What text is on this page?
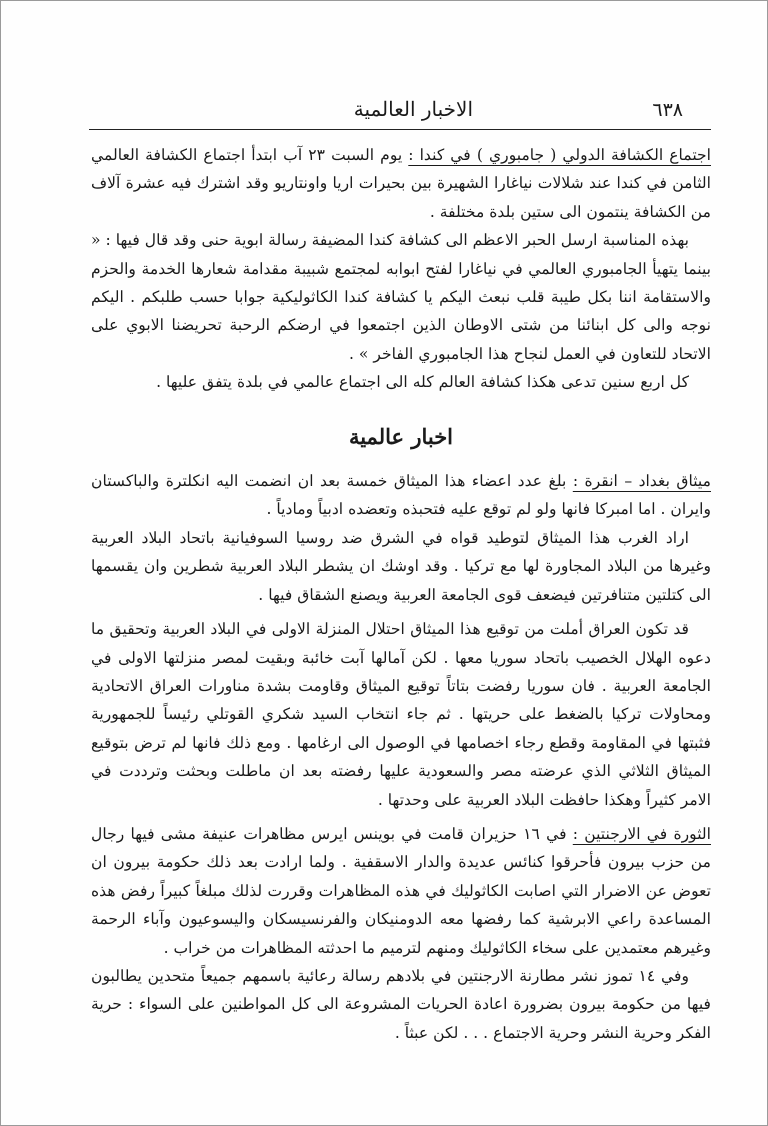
٦٣٨
الاخبار العالمية

اجتماع الكشافة الدولي ( جامبوري ) في كندا : يوم السبت ٢٣ آب ابتدأ اجتماع الكشافة العالمي الثامن في كندا عند شلالات نياغارا الشهيرة بين بحيرات اريا واونتاريو وقد اشترك فيه عشرة آلاف من الكشافة ينتمون الى ستين بلدة مختلفة .

بهذه المناسبة ارسل الحبر الاعظم الى كشافة كندا المضيفة رسالة ابوية حنى وقد قال فيها : « بينما يتهيأ الجامبوري العالمي في نياغارا لفتح ابوابه لمجتمع شبيبة مقدامة شعارها الخدمة والحزم والاستقامة اننا بكل طيبة قلب نبعث اليكم يا كشافة كندا الكاثوليكية جوابا حسب طلبكم . اليكم نوجه والى كل ابنائنا من شتى الاوطان الذين اجتمعوا في ارضكم الرحبة تحريضنا الابوي على الاتحاد للتعاون في العمل لنجاح هذا الجامبوري الفاخر » .

كل اربع سنين تدعى هكذا كشافة العالم كله الى اجتماع عالمي في بلدة يتفق عليها .

اخبار عالمية

ميثاق بغداد – انقرة : بلغ عدد اعضاء هذا الميثاق خمسة بعد ان انضمت اليه انكلترة والباكستان وايران . اما امبركا فانها ولو لم توقع عليه فتحبذه وتعضده ادبياً ومادياً .

اراد الغرب هذا الميثاق لتوطيد قواه في الشرق ضد روسيا السوفيانية باتحاد البلاد العربية وغيرها من البلاد المجاورة لها مع تركيا . وقد اوشك ان يشطر البلاد العربية شطرين وان يقسمها الى كتلتين متنافرتين فيضعف قوى الجامعة العربية ويصنع الشقاق فيها .

قد تكون العراق أملت من توقيع هذا الميثاق احتلال المنزلة الاولى في البلاد العربية وتحقيق ما دعوه الهلال الخصيب باتحاد سوريا معها . لكن آمالها آبت خائبة وبقيت لمصر منزلتها الاولى في الجامعة العربية . فان سوريا رفضت بتاتاً توقيع الميثاق وقاومت بشدة مناورات العراق الاتحادية ومحاولات تركيا بالضغط على حريتها . ثم جاء انتخاب السيد شكري القوتلي رئيساً للجمهورية فثبتها في المقاومة وقطع رجاء اخصامها في الوصول الى ارغامها . ومع ذلك فانها لم ترض بتوقيع الميثاق الثلاثي الذي عرضته مصر والسعودية عليها رفضته بعد ان ماطلت وبحثت وترددت في الامر كثيراً وهكذا حافظت البلاد العربية على وحدتها .

الثورة في الارجنتين : في ١٦ حزيران قامت في بوينس ايرس مظاهرات عنيفة مشى فيها رجال من حزب بيرون فأحرقوا كنائس عديدة والدار الاسقفية . ولما ارادت بعد ذلك حكومة بيرون ان تعوض عن الاضرار التي اصابت الكاثوليك في هذه المظاهرات وقررت لذلك مبلغاً كبيراً رفض هذه المساعدة راعي الابرشية كما رفضها معه الدومنيكان والفرنسيسكان واليسوعيون وآباء الرحمة وغيرهم معتمدين على سخاء الكاثوليك ومنهم لترميم ما احدثته المظاهرات من خراب .

وفي ١٤ تموز نشر مطارنة الارجنتين في بلادهم رسالة رعائية باسمهم جميعاً متحدين يطالبون فيها من حكومة بيرون بضرورة اعادة الحريات المشروعة الى كل المواطنين على السواء : حرية الفكر وحرية النشر وحرية الاجتماع . . . لكن عبثاً .
